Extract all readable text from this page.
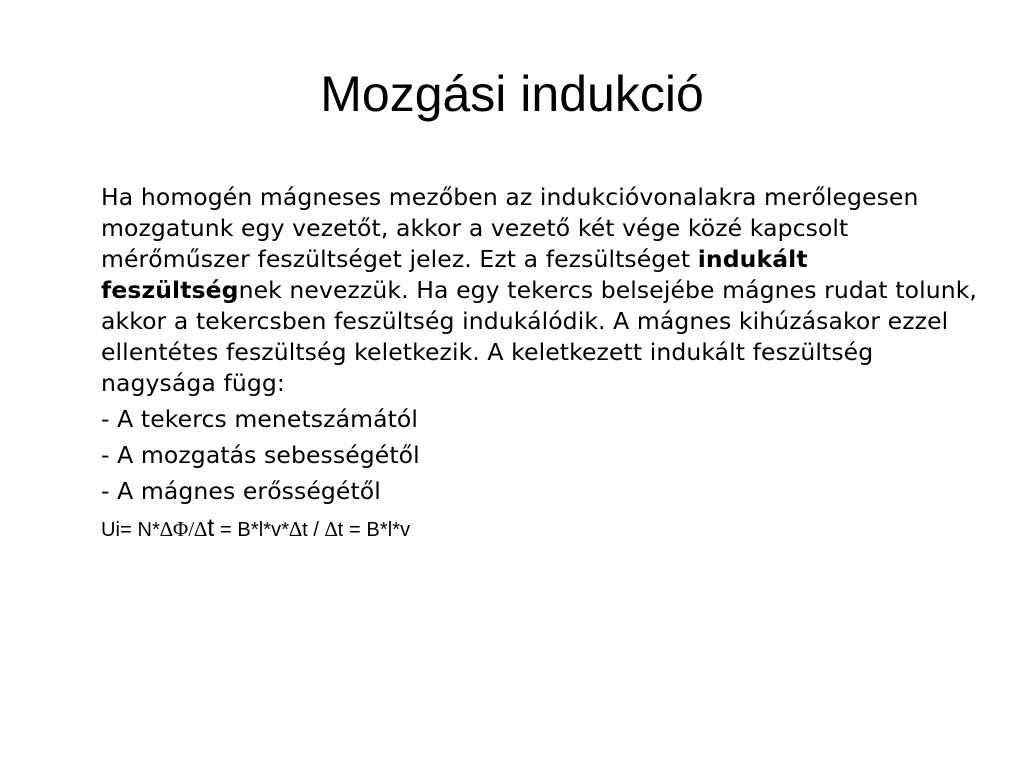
Mozgási indukció

Ha homogén mágneses mezőben az indukcióvonalakra merőlegesen mozgatunk egy vezetőt, akkor a vezető két vége közé kapcsolt mérőműszer feszültséget jelez. Ezt a fezsültséget indukált feszültségnek nevezzük. Ha egy tekercs belsejébe mágnes rudat tolunk, akkor a tekercsben feszültség indukálódik. A mágnes kihúzásakor ezzel ellentétes feszültség keletkezik. A keletkezett indukált feszültség nagysága függ:

- A tekercs menetszámától

- A mozgatás sebességétől

- A mágnes erősségétől

Ui= N*∆Φ/∆t = B*l*v*∆t / ∆t = B*l*v
